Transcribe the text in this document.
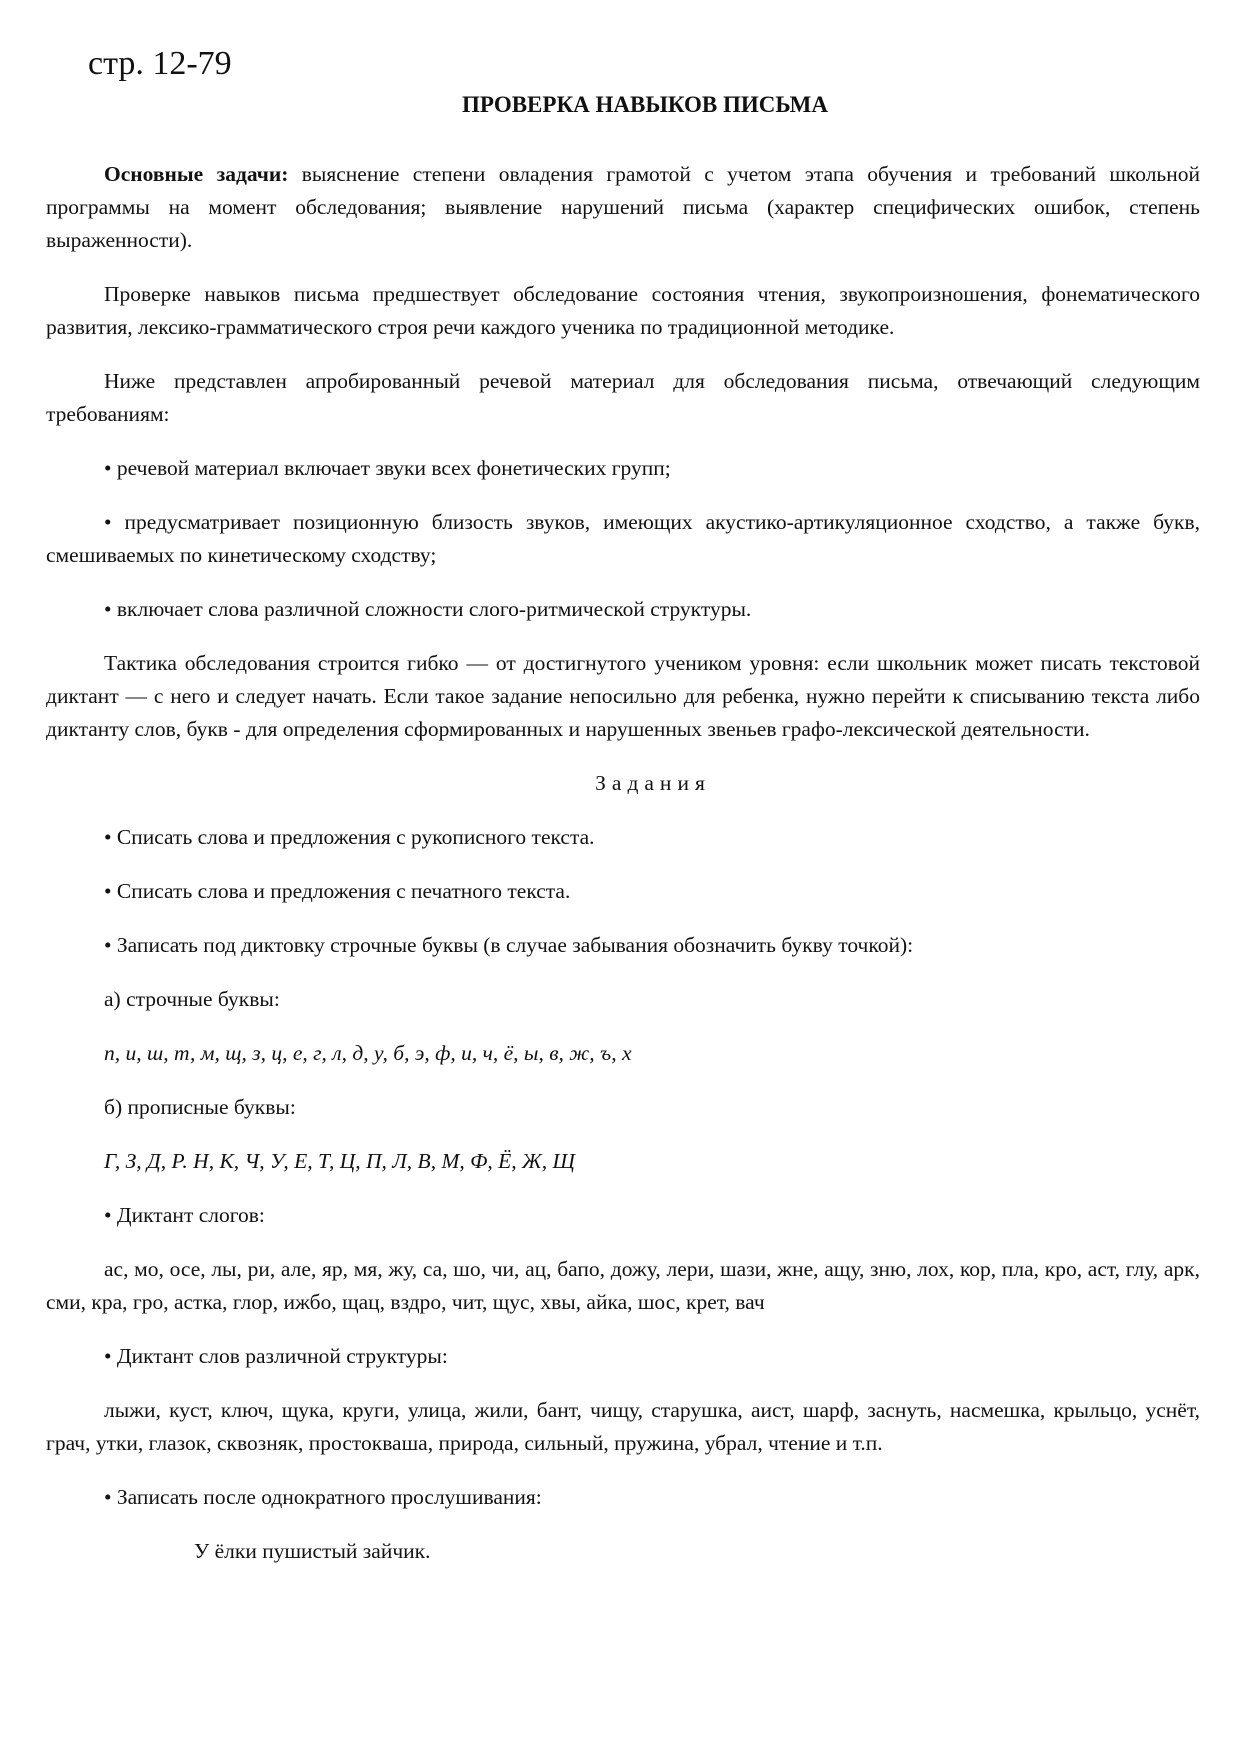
стр. 12-79
ПРОВЕРКА НАВЫКОВ ПИСЬМА

Основные задачи: выяснение степени овладения грамотой с учетом этапа обучения и требований школьной программы на момент обследования; выявление нарушений письма (характер специфических ошибок, степень выраженности).

Проверке навыков письма предшествует обследование состояния чтения, звукопроизношения, фонематического развития, лексико-грамматического строя речи каждого ученика по традиционной методике.

Ниже представлен апробированный речевой материал для обследования письма, отвечающий следующим требованиям:

• речевой материал включает звуки всех фонетических групп;

• предусматривает позиционную близость звуков, имеющих акустико-артикуляционное сходство, а также букв, смешиваемых по кинетическому сходству;

• включает слова различной сложности слого-ритмической структуры.

Тактика обследования строится гибко — от достигнутого учеником уровня: если школьник может писать текстовой диктант — с него и следует начать. Если такое задание непосильно для ребенка, нужно перейти к списыванию текста либо диктанту слов, букв - для определения сформированных и нарушенных звеньев графо-лексической деятельности.

Задания

• Списать слова и предложения с рукописного текста.

• Списать слова и предложения с печатного текста.

• Записать под диктовку строчные буквы (в случае забывания обозначить букву точкой):

а) строчные буквы:

п, и, ш, т, м, щ, з, ц, е, г, л, д, у, б, э, ф, и, ч, ё, ы, в, ж, ъ, х

б) прописные буквы:

Г, З, Д, Р. Н, К, Ч, У, Е, Т, Ц, П, Л, В, М, Ф, Ё, Ж, Щ

• Диктант слогов:

ас, мо, осе, лы, ри, але, яр, мя, жу, са, шо, чи, ац, бапо, дожу, лери, шази, жне, ащу, зню, лох, кор, пла, кро, аст, глу, арк, сми, кра, гро, астка, глор, ижбо, щац, вздро, чит, щус, хвы, айка, шос, крет, вач

• Диктант слов различной структуры:

лыжи, куст, ключ, щука, круги, улица, жили, бант, чищу, старушка, аист, шарф, заснуть, насмешка, крыльцо, уснёт, грач, утки, глазок, сквозняк, простокваша, природа, сильный, пружина, убрал, чтение и т.п.

• Записать после однократного прослушивания:

У ёлки пушистый зайчик.
